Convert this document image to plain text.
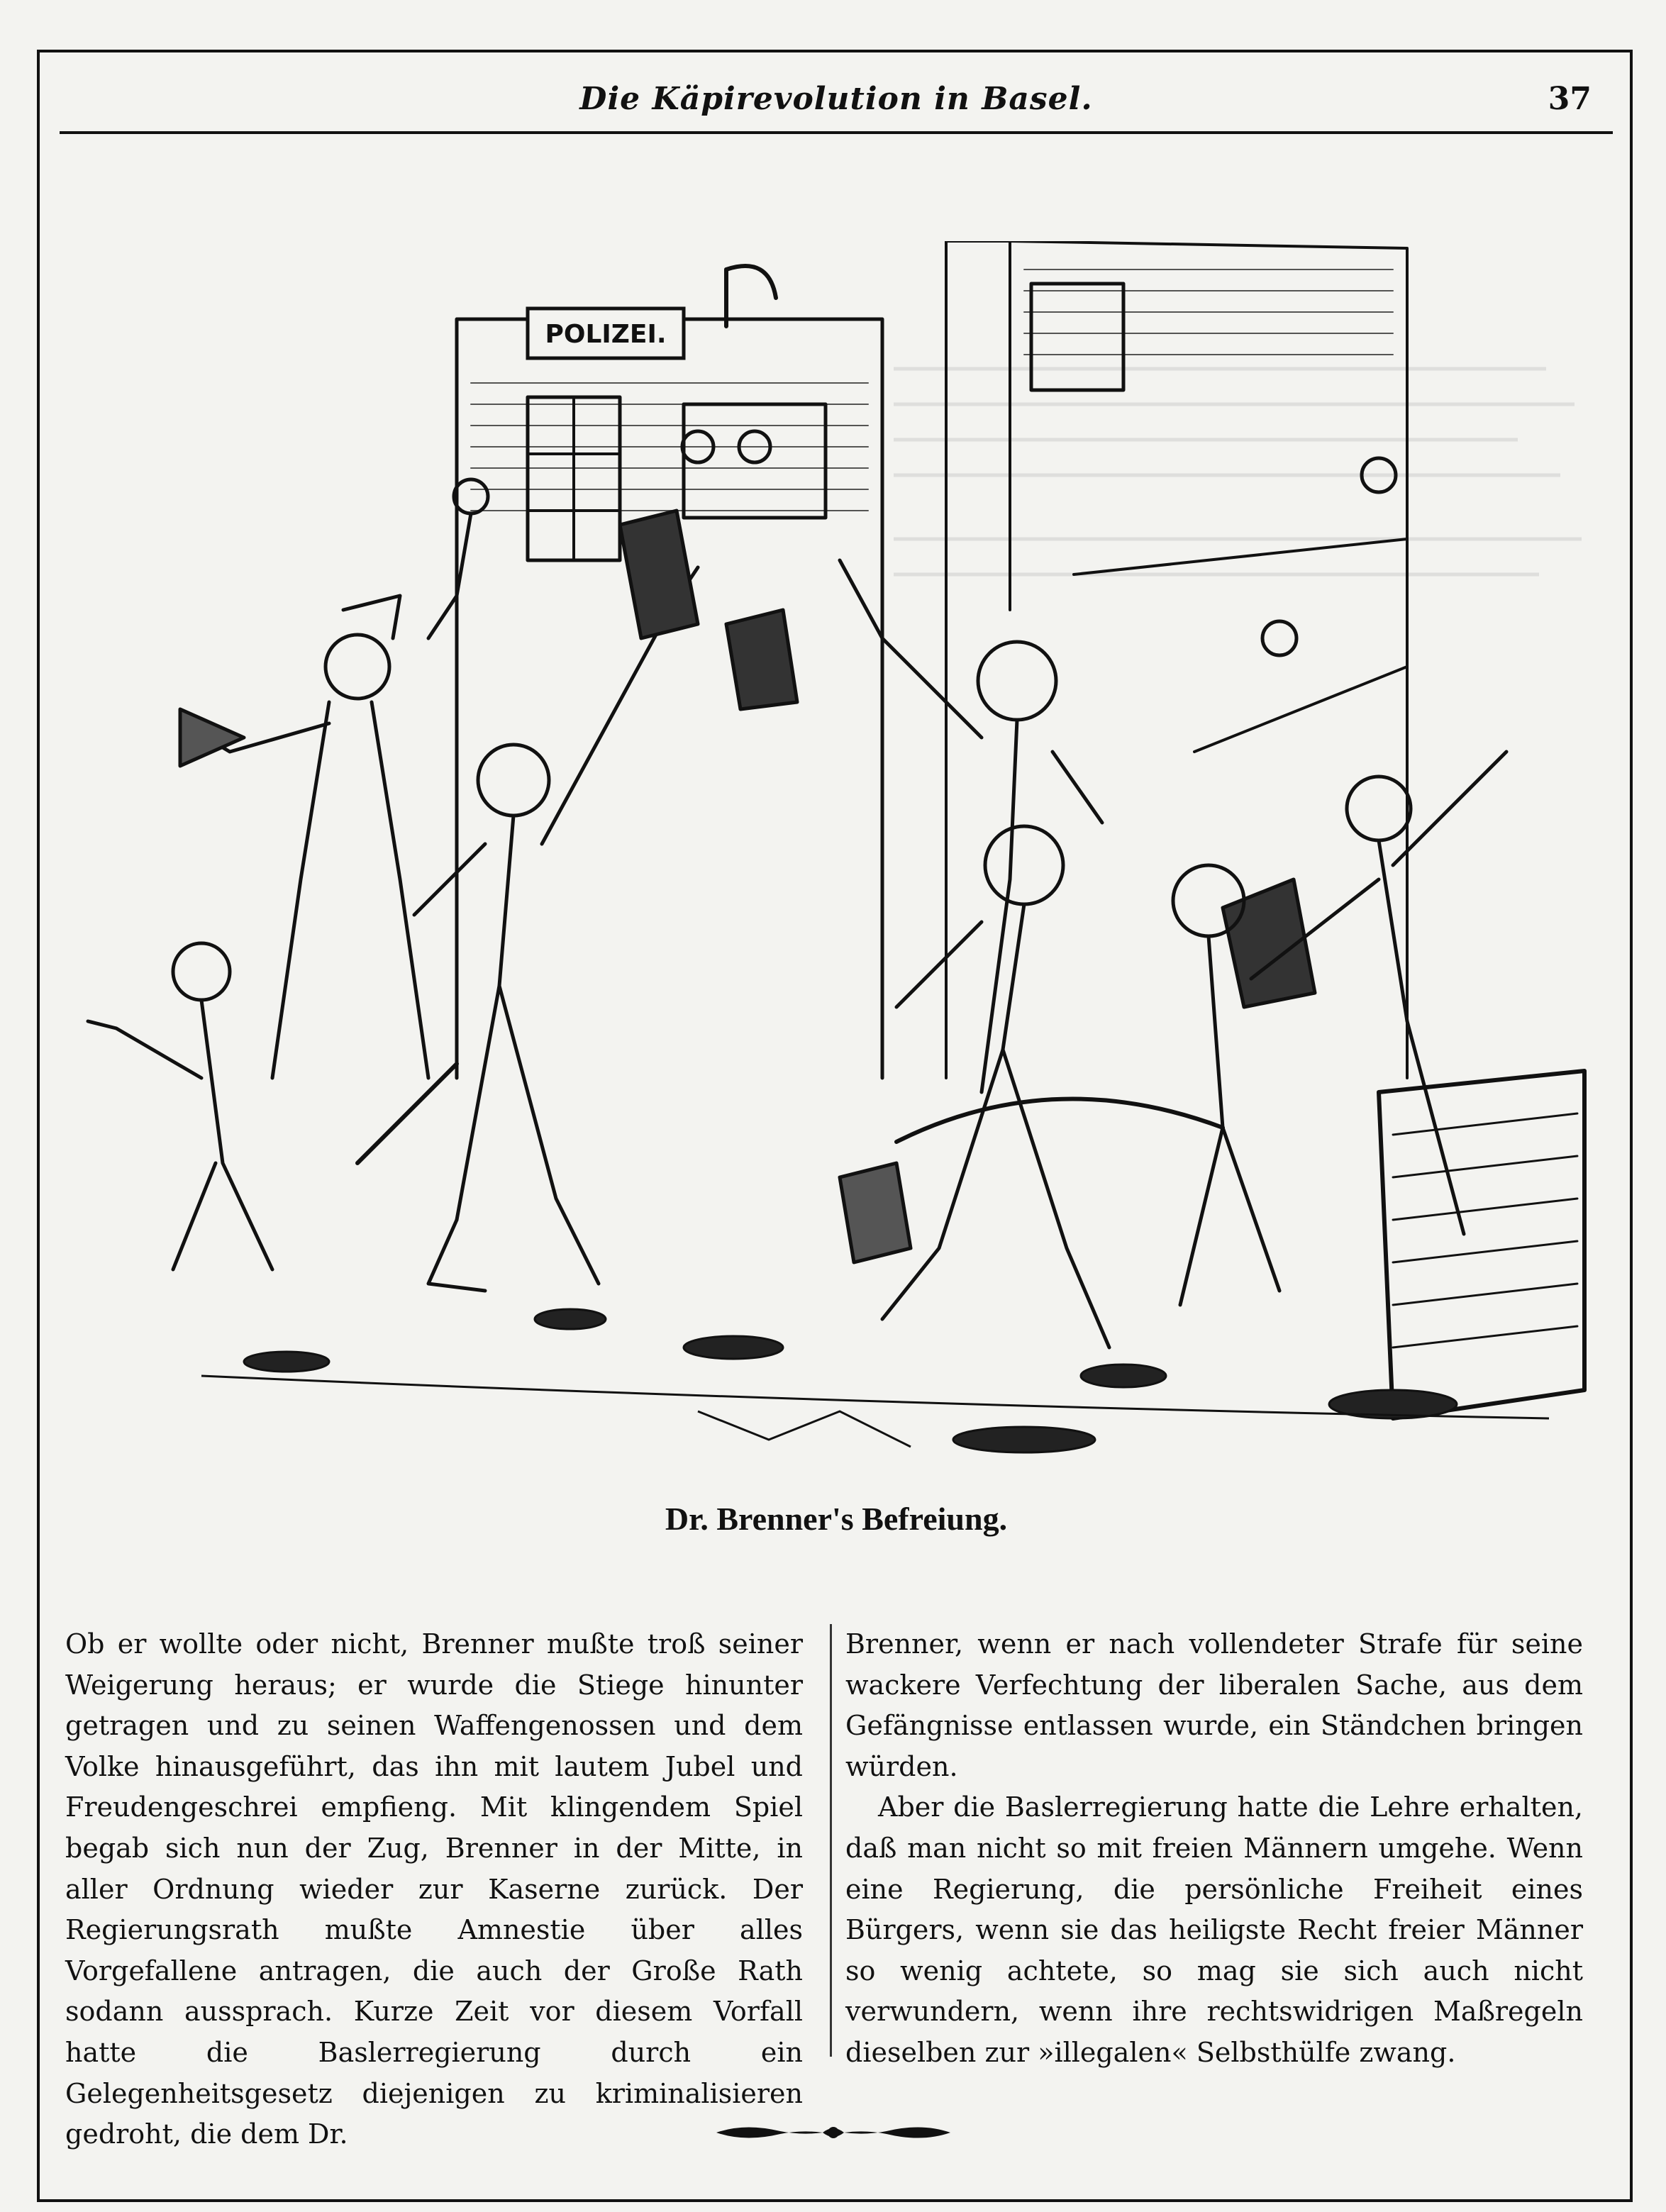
Die Käpirevolution in Basel.	37
POLIZEI.
Dr. Brenner's Befreiung.

Ob er wollte oder nicht, Brenner mußte troß seiner Weigerung heraus; er wurde die Stiege hinunter getragen und zu seinen Waffengenossen und dem Volke hinausgeführt, das ihn mit lautem Jubel und Freudengeschrei empfieng. Mit klingendem Spiel begab sich nun der Zug, Brenner in der Mitte, in aller Ordnung wieder zur Kaserne zurück. Der Regierungsrath mußte Amnestie über alles Vorgefallene antragen, die auch der Große Rath sodann aussprach. Kurze Zeit vor diesem Vorfall hatte die Baslerregierung durch ein Gelegenheitsgesetz diejenigen zu kriminalisieren gedroht, die dem Dr.

Brenner, wenn er nach vollendeter Strafe für seine wackere Verfechtung der liberalen Sache, aus dem Gefängnisse entlassen wurde, ein Ständchen bringen würden.

Aber die Baslerregierung hatte die Lehre erhalten, daß man nicht so mit freien Männern umgehe. Wenn eine Regierung, die persönliche Freiheit eines Bürgers, wenn sie das heiligste Recht freier Männer so wenig achtete, so mag sie sich auch nicht verwundern, wenn ihre rechtswidrigen Maßregeln dieselben zur »illegalen« Selbsthülfe zwang.
